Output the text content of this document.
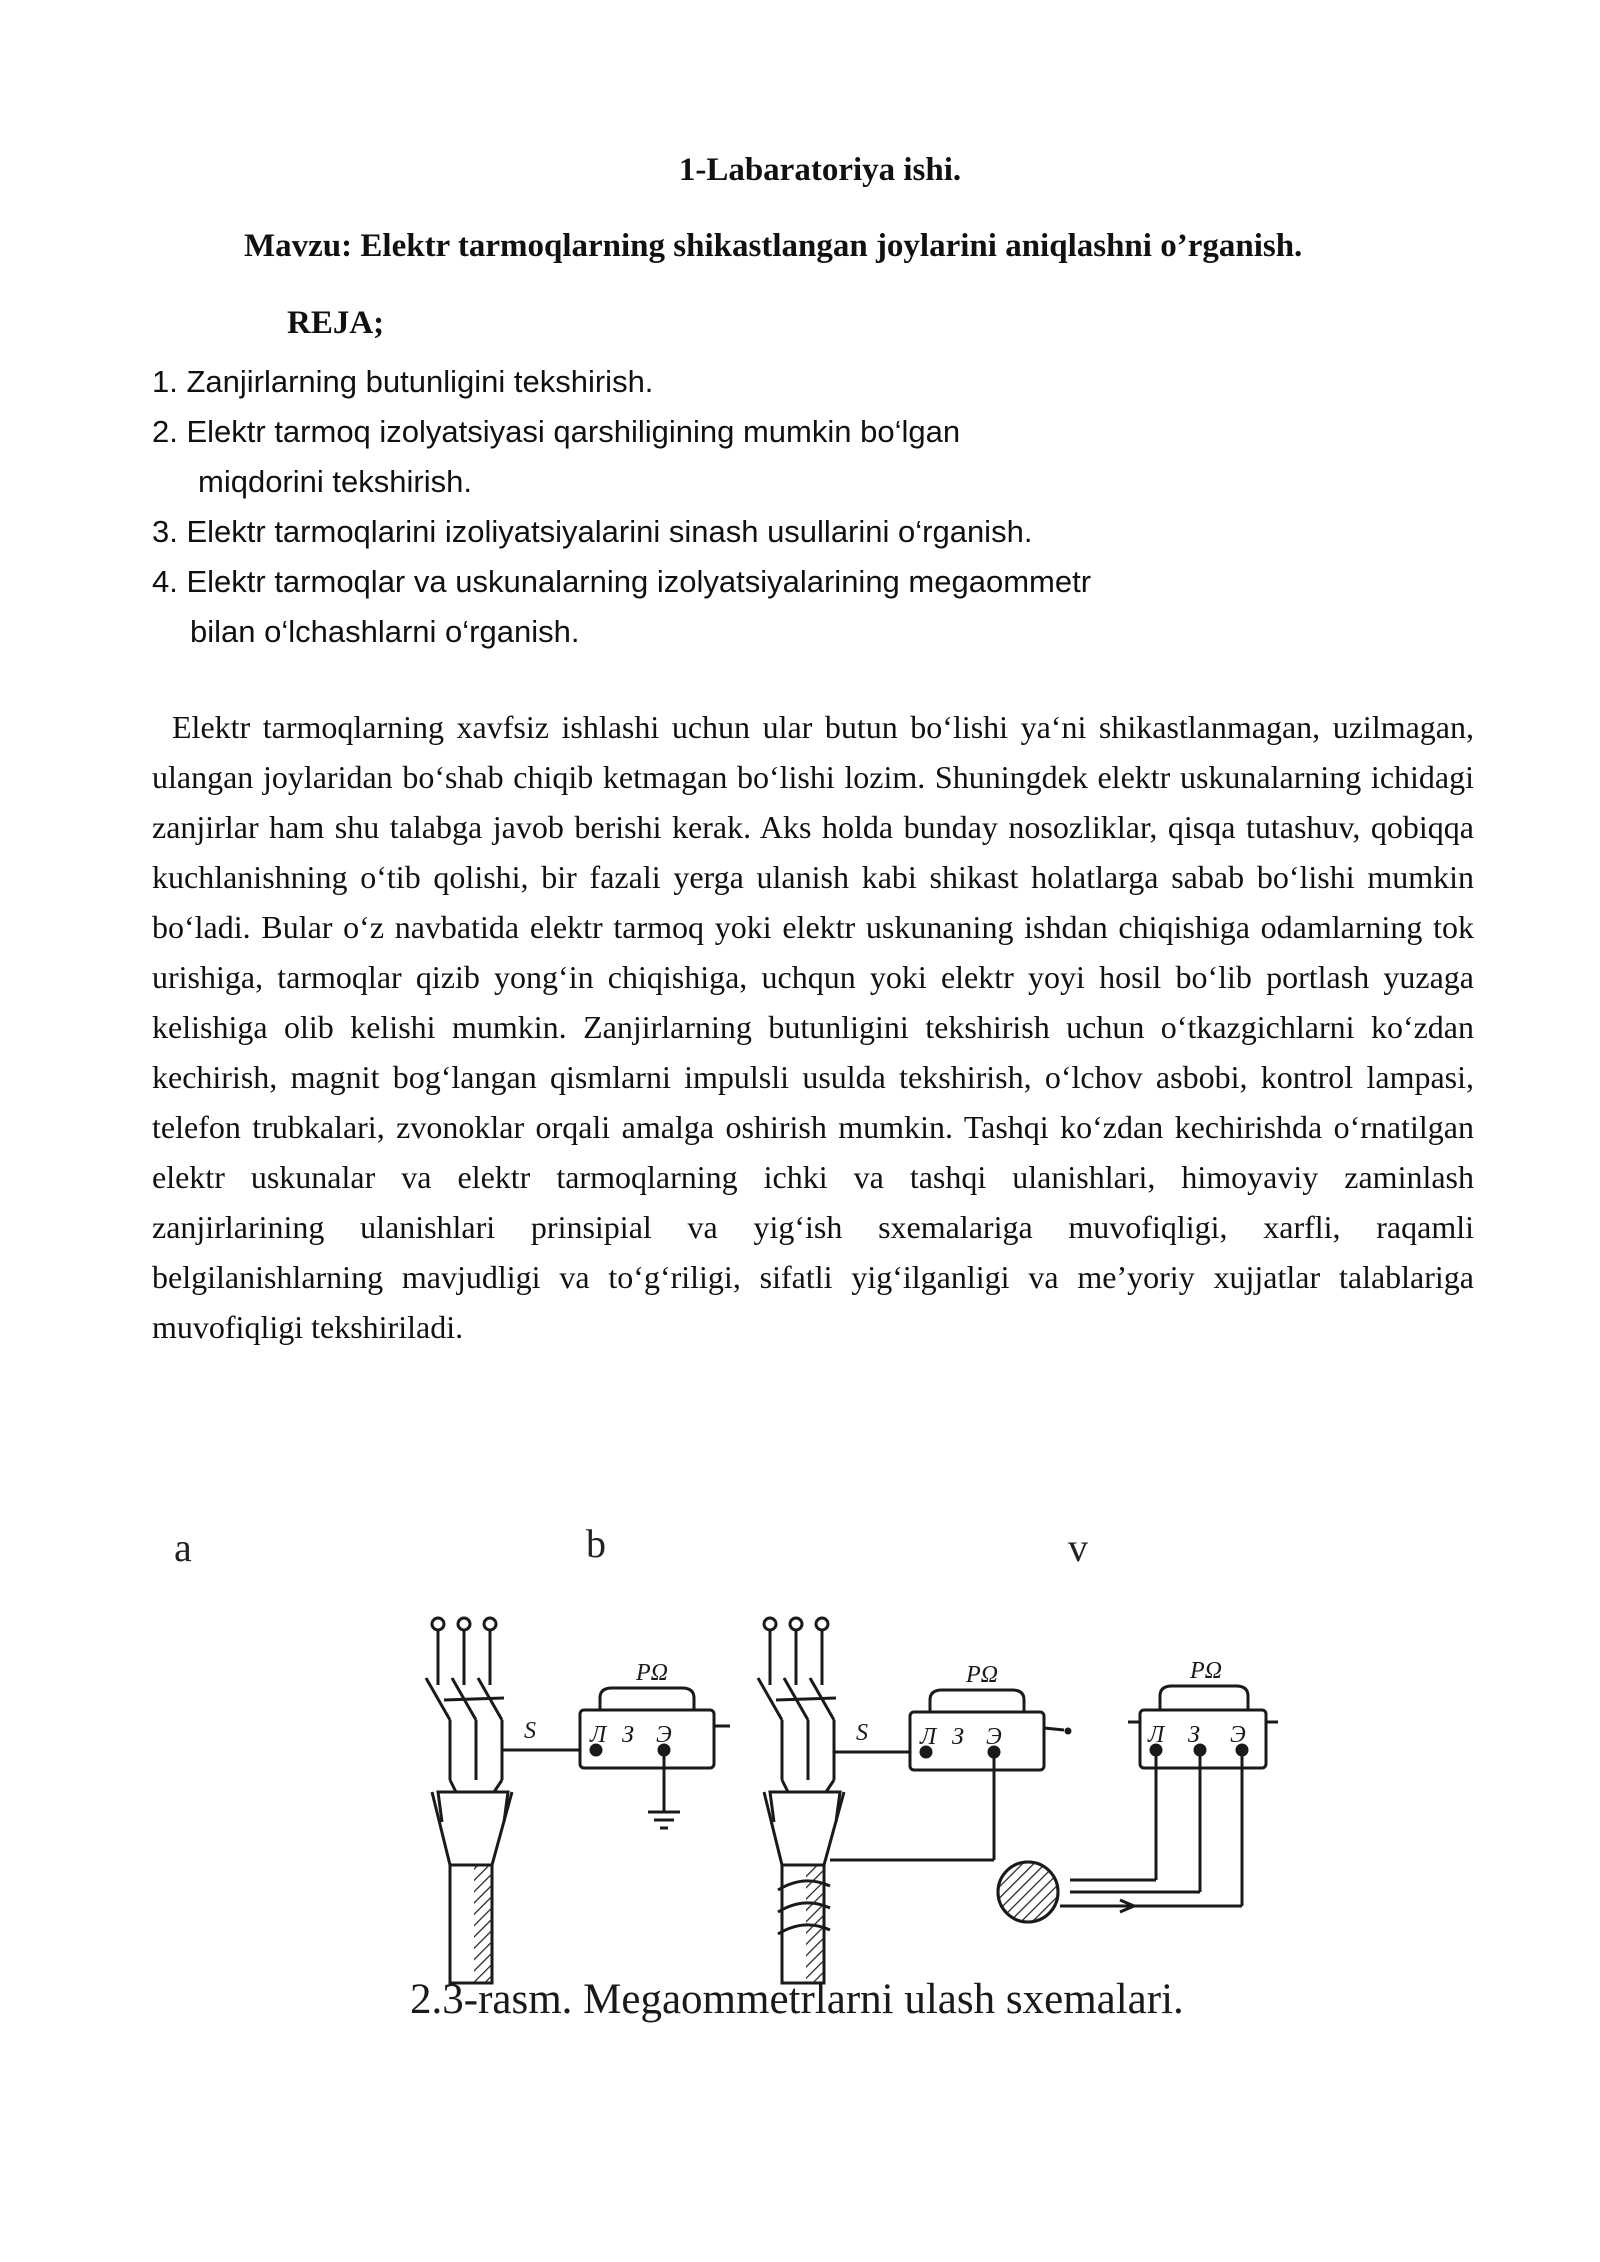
1-Labaratoriya ishi.
Mavzu: Elektr tarmoqlarning shikastlangan joylarini aniqlashni o’rganish.
REJA;
1. Zanjirlarning butunligini tekshirish.
2. Elektr tarmoq izolyatsiyasi qarshiligining mumkin bo‘lgan
miqdorini tekshirish.
3. Elektr tarmoqlarini izoliyatsiyalarini sinash usullarini o‘rganish.
4. Elektr tarmoqlar va uskunalarning izolyatsiyalarining megaommetr
bilan o‘lchashlarni o‘rganish.

Elektr tarmoqlarning xavfsiz ishlashi uchun ular butun bo‘lishi ya‘ni shikastlanmagan, uzilmagan, ulangan joylaridan bo‘shab chiqib ketmagan bo‘lishi lozim. Shuningdek elektr uskunalarning ichidagi zanjirlar ham shu talabga javob berishi kerak. Aks holda bunday nosozliklar, qisqa tutashuv, qobiqqa kuchlanishning o‘tib qolishi, bir fazali yerga ulanish kabi shikast holatlarga sabab bo‘lishi mumkin bo‘ladi. Bular o‘z navbatida elektr tarmoq yoki elektr uskunaning ishdan chiqishiga odamlarning tok urishiga, tarmoqlar qizib yong‘in chiqishiga, uchqun yoki elektr yoyi hosil bo‘lib portlash yuzaga kelishiga olib kelishi mumkin. Zanjirlarning butunligini tekshirish uchun o‘tkazgichlarni ko‘zdan kechirish, magnit bog‘langan qismlarni impulsli usulda tekshirish, o‘lchov asbobi, kontrol lampasi, telefon trubkalari, zvonoklar orqali amalga oshirish mumkin. Tashqi ko‘zdan kechirishda o‘rnatilgan elektr uskunalar va elektr tarmoqlarning ichki va tashqi ulanishlari, himoyaviy zaminlash zanjirlarining ulanishlari prinsipial va yig‘ish sxemalariga muvofiqligi, xarfli, raqamli belgilanishlarning mavjudligi va to‘g‘riligi, sifatli yig‘ilganligi va me’yoriy xujjatlar talablariga muvofiqligi tekshiriladi.

a	b	v
PΩ
Л З Э
S
PΩ
Л З Э
S
PΩ
Л З Э
2.3-rasm. Megaommetrlarni ulash sxemalari.
